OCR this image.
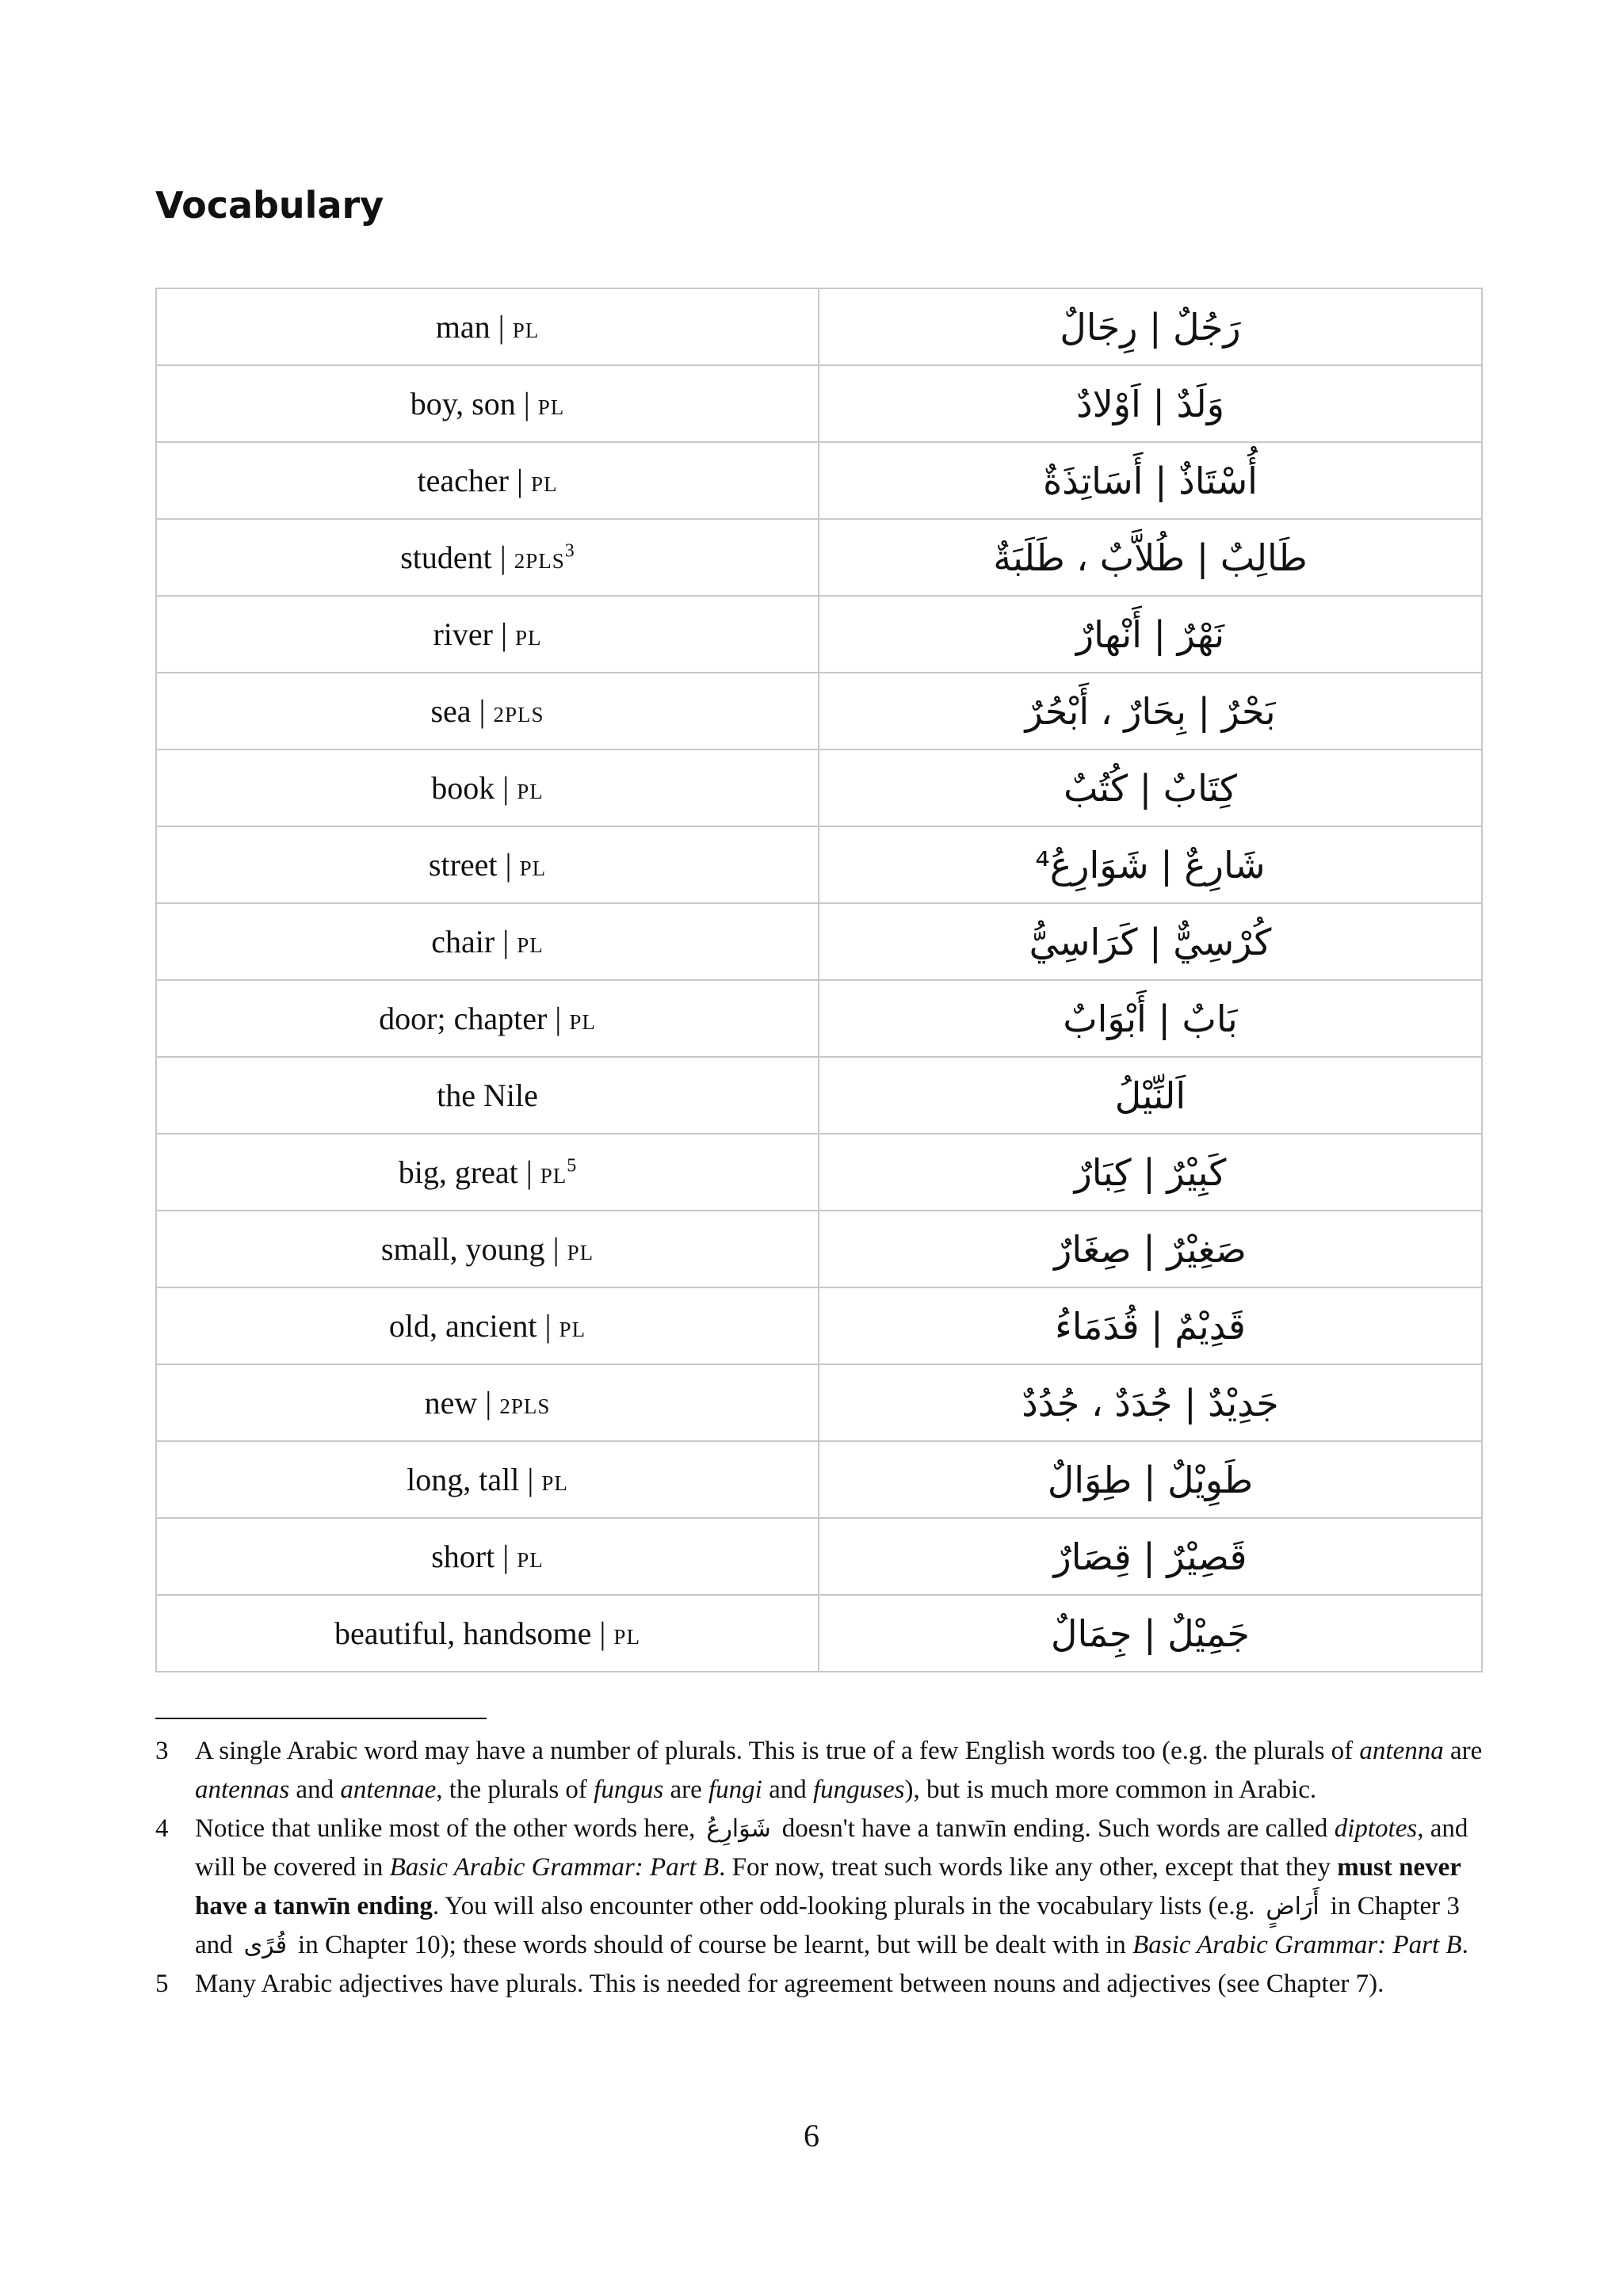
Vocabulary
man | PL	رَجُلٌ | رِجَالٌ
boy, son | PL	وَلَدٌ | اَوْلادٌ
teacher | PL	أُسْتَاذٌ | أَسَاتِذَةٌ
student | 2PLS$^3$	طَالِبٌ | طُلاَّبٌ ، طَلَبَةٌ
river | PL	نَهْرٌ | أَنْهارٌ
sea | 2PLS	بَحْرٌ | بِحَارٌ ، أَبْحُرٌ
book | PL	كِتَابٌ | كُتُبٌ
street | PL	شَارِعٌ | شَوَارِعُ⁴
chair | PL	كُرْسِيٌّ | كَرَاسِيُّ
door; chapter | PL	بَابٌ | أَبْوَابٌ
the Nile	اَلنِّيْلُ
big, great | $PL^5$	كَبِيْرٌ | كِبَارٌ
small, young | PL	صَغِيْرٌ | صِغَارٌ
old, ancient | PL	قَدِيْمٌ | قُدَمَاءُ
new | 2PLS	جَدِيْدٌ | جُدَدٌ ، جُدُدٌ
long, tall | PL	طَوِيْلٌ | طِوَالٌ
short | PL	قَصِيْرٌ | قِصَارٌ
beautiful, handsome | PL	جَمِيْلٌ | جِمَالٌ

3 A single Arabic word may have a number of plurals. This is true of a few English words too (e.g. the plurals of antenna are antennas and antennae, the plurals of fungus are fungi and funguses), but is much more common in Arabic.

4 Notice that unlike most of the other words here, شَوَارِعُ doesn't have a tanwīn ending. Such words are called diptotes, and will be covered in Basic Arabic Grammar: Part B. For now, treat such words like any other, except that they must never have a tanwīn ending. You will also encounter other odd-looking plurals in the vocabulary lists (e.g. أَرَاضٍ in Chapter 3 and قُرًى in Chapter 10); these words should of course be learnt, but will be dealt with in Basic Arabic Grammar: Part B.

5 Many Arabic adjectives have plurals. This is needed for agreement between nouns and adjectives (see Chapter 7).

6
